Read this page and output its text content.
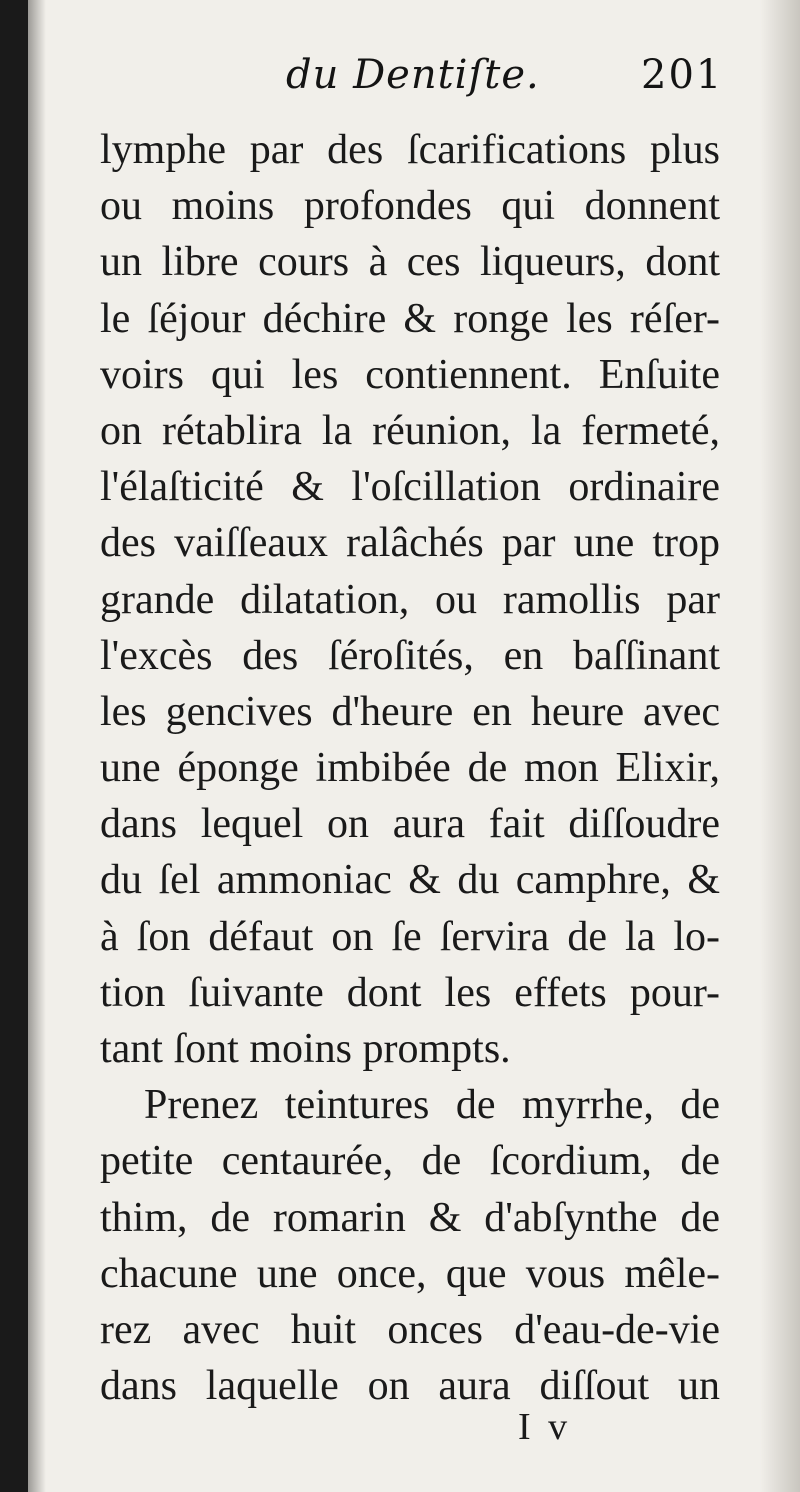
du Dentiſte.	201
lymphe par des ſcarifications plus
ou moins profondes qui donnent
un libre cours à ces liqueurs, dont
le ſéjour déchire & ronge les réſer-
voirs qui les contiennent. Enſuite
on rétablira la réunion, la fermeté,
l'élaſticité & l'oſcillation ordinaire
des vaiſſeaux ralâchés par une trop
grande dilatation, ou ramollis par
l'excès des ſéroſités, en baſſinant
les gencives d'heure en heure avec
une éponge imbibée de mon Elixir,
dans lequel on aura fait diſſoudre
du ſel ammoniac & du camphre, &
à ſon défaut on ſe ſervira de la lo-
tion ſuivante dont les effets pour-
tant ſont moins prompts.
Prenez teintures de myrrhe, de
petite centaurée, de ſcordium, de
thim, de romarin & d'abſynthe de
chacune une once, que vous mêle-
rez avec huit onces d'eau-de-vie
dans laquelle on aura diſſout un
I v
